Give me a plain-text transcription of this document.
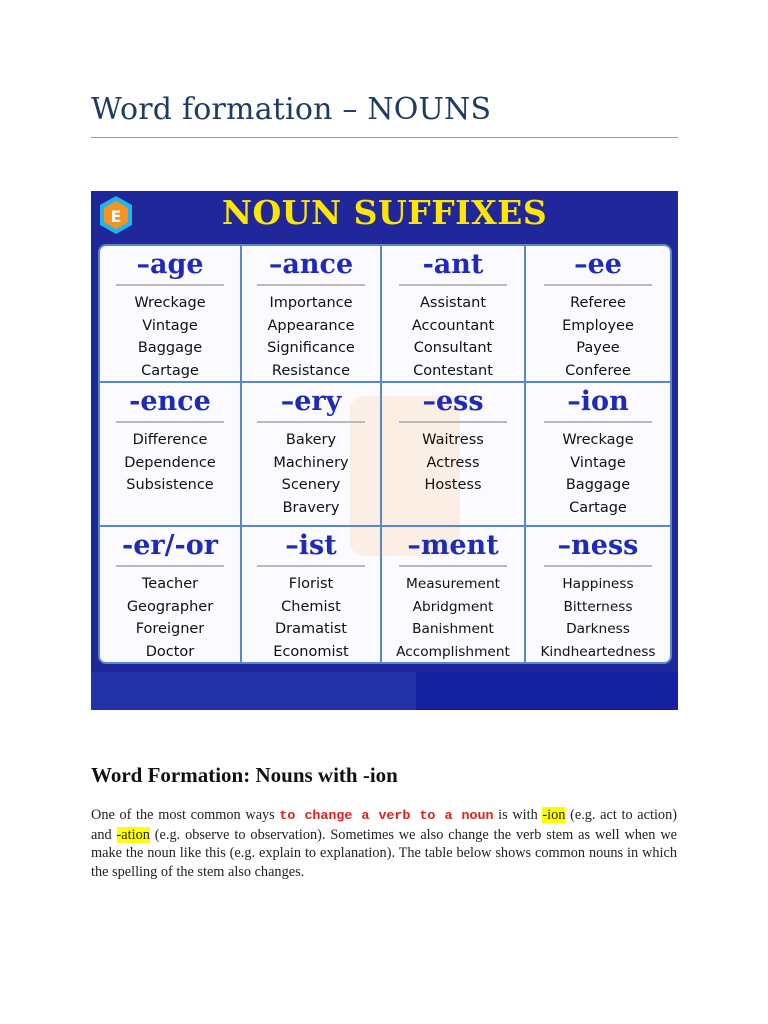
Word formation – NOUNS
E	NOUN SUFFIXES
–age
Wreckage
Vintage
Baggage
Cartage
–ance
Importance
Appearance
Significance
Resistance
-ant
Assistant
Accountant
Consultant
Contestant
–ee
Referee
Employee
Payee
Conferee
-ence
Difference
Dependence
Subsistence
–ery
Bakery
Machinery
Scenery
Bravery
–ess
Waitress
Actress
Hostess
–ion
Wreckage
Vintage
Baggage
Cartage
-er/-or
Teacher
Geographer
Foreigner
Doctor
–ist
Florist
Chemist
Dramatist
Economist
–ment
Measurement
Abridgment
Banishment
Accomplishment
–ness
Happiness
Bitterness
Darkness
Kindheartedness
Word Formation: Nouns with -ion

One of the most common ways to change a verb to a noun is with -ion (e.g. act to action) and -ation (e.g. observe to observation). Sometimes we also change the verb stem as well when we make the noun like this (e.g. explain to explanation). The table below shows common nouns in which the spelling of the stem also changes.
